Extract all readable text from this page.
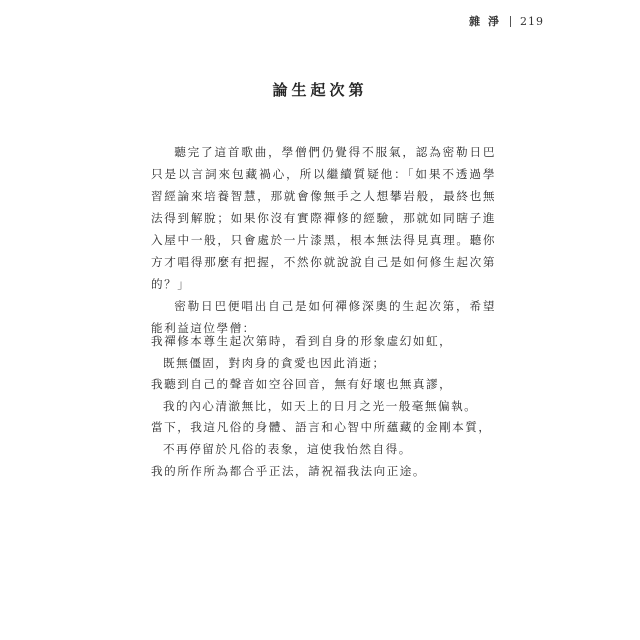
雜 淨 219
論生起次第

聽完了這首歌曲，學僧們仍覺得不服氣，認為密勒日巴只是以言詞來包藏禍心，所以繼續質疑他：「如果不透過學習經論來培養智慧，那就會像無手之人想攀岩般，最終也無法得到解脫；如果你沒有實際禪修的經驗，那就如同瞎子進入屋中一般，只會處於一片漆黑，根本無法得見真理。聽你方才唱得那麼有把握，不然你就說說自己是如何修生起次第的？」

密勒日巴便唱出自己是如何禪修深奧的生起次第，希望能利益這位學僧：

我禪修本尊生起次第時，看到自身的形象虛幻如虹，
既無僵固，對肉身的貪愛也因此消逝；
我聽到自己的聲音如空谷回音，無有好壞也無真謬，
我的內心清澈無比，如天上的日月之光一般毫無偏執。
當下，我這凡俗的身體、語言和心智中所蘊藏的金剛本質，
不再停留於凡俗的表象，這使我怡然自得。
我的所作所為都合乎正法，請祝福我法向正途。
